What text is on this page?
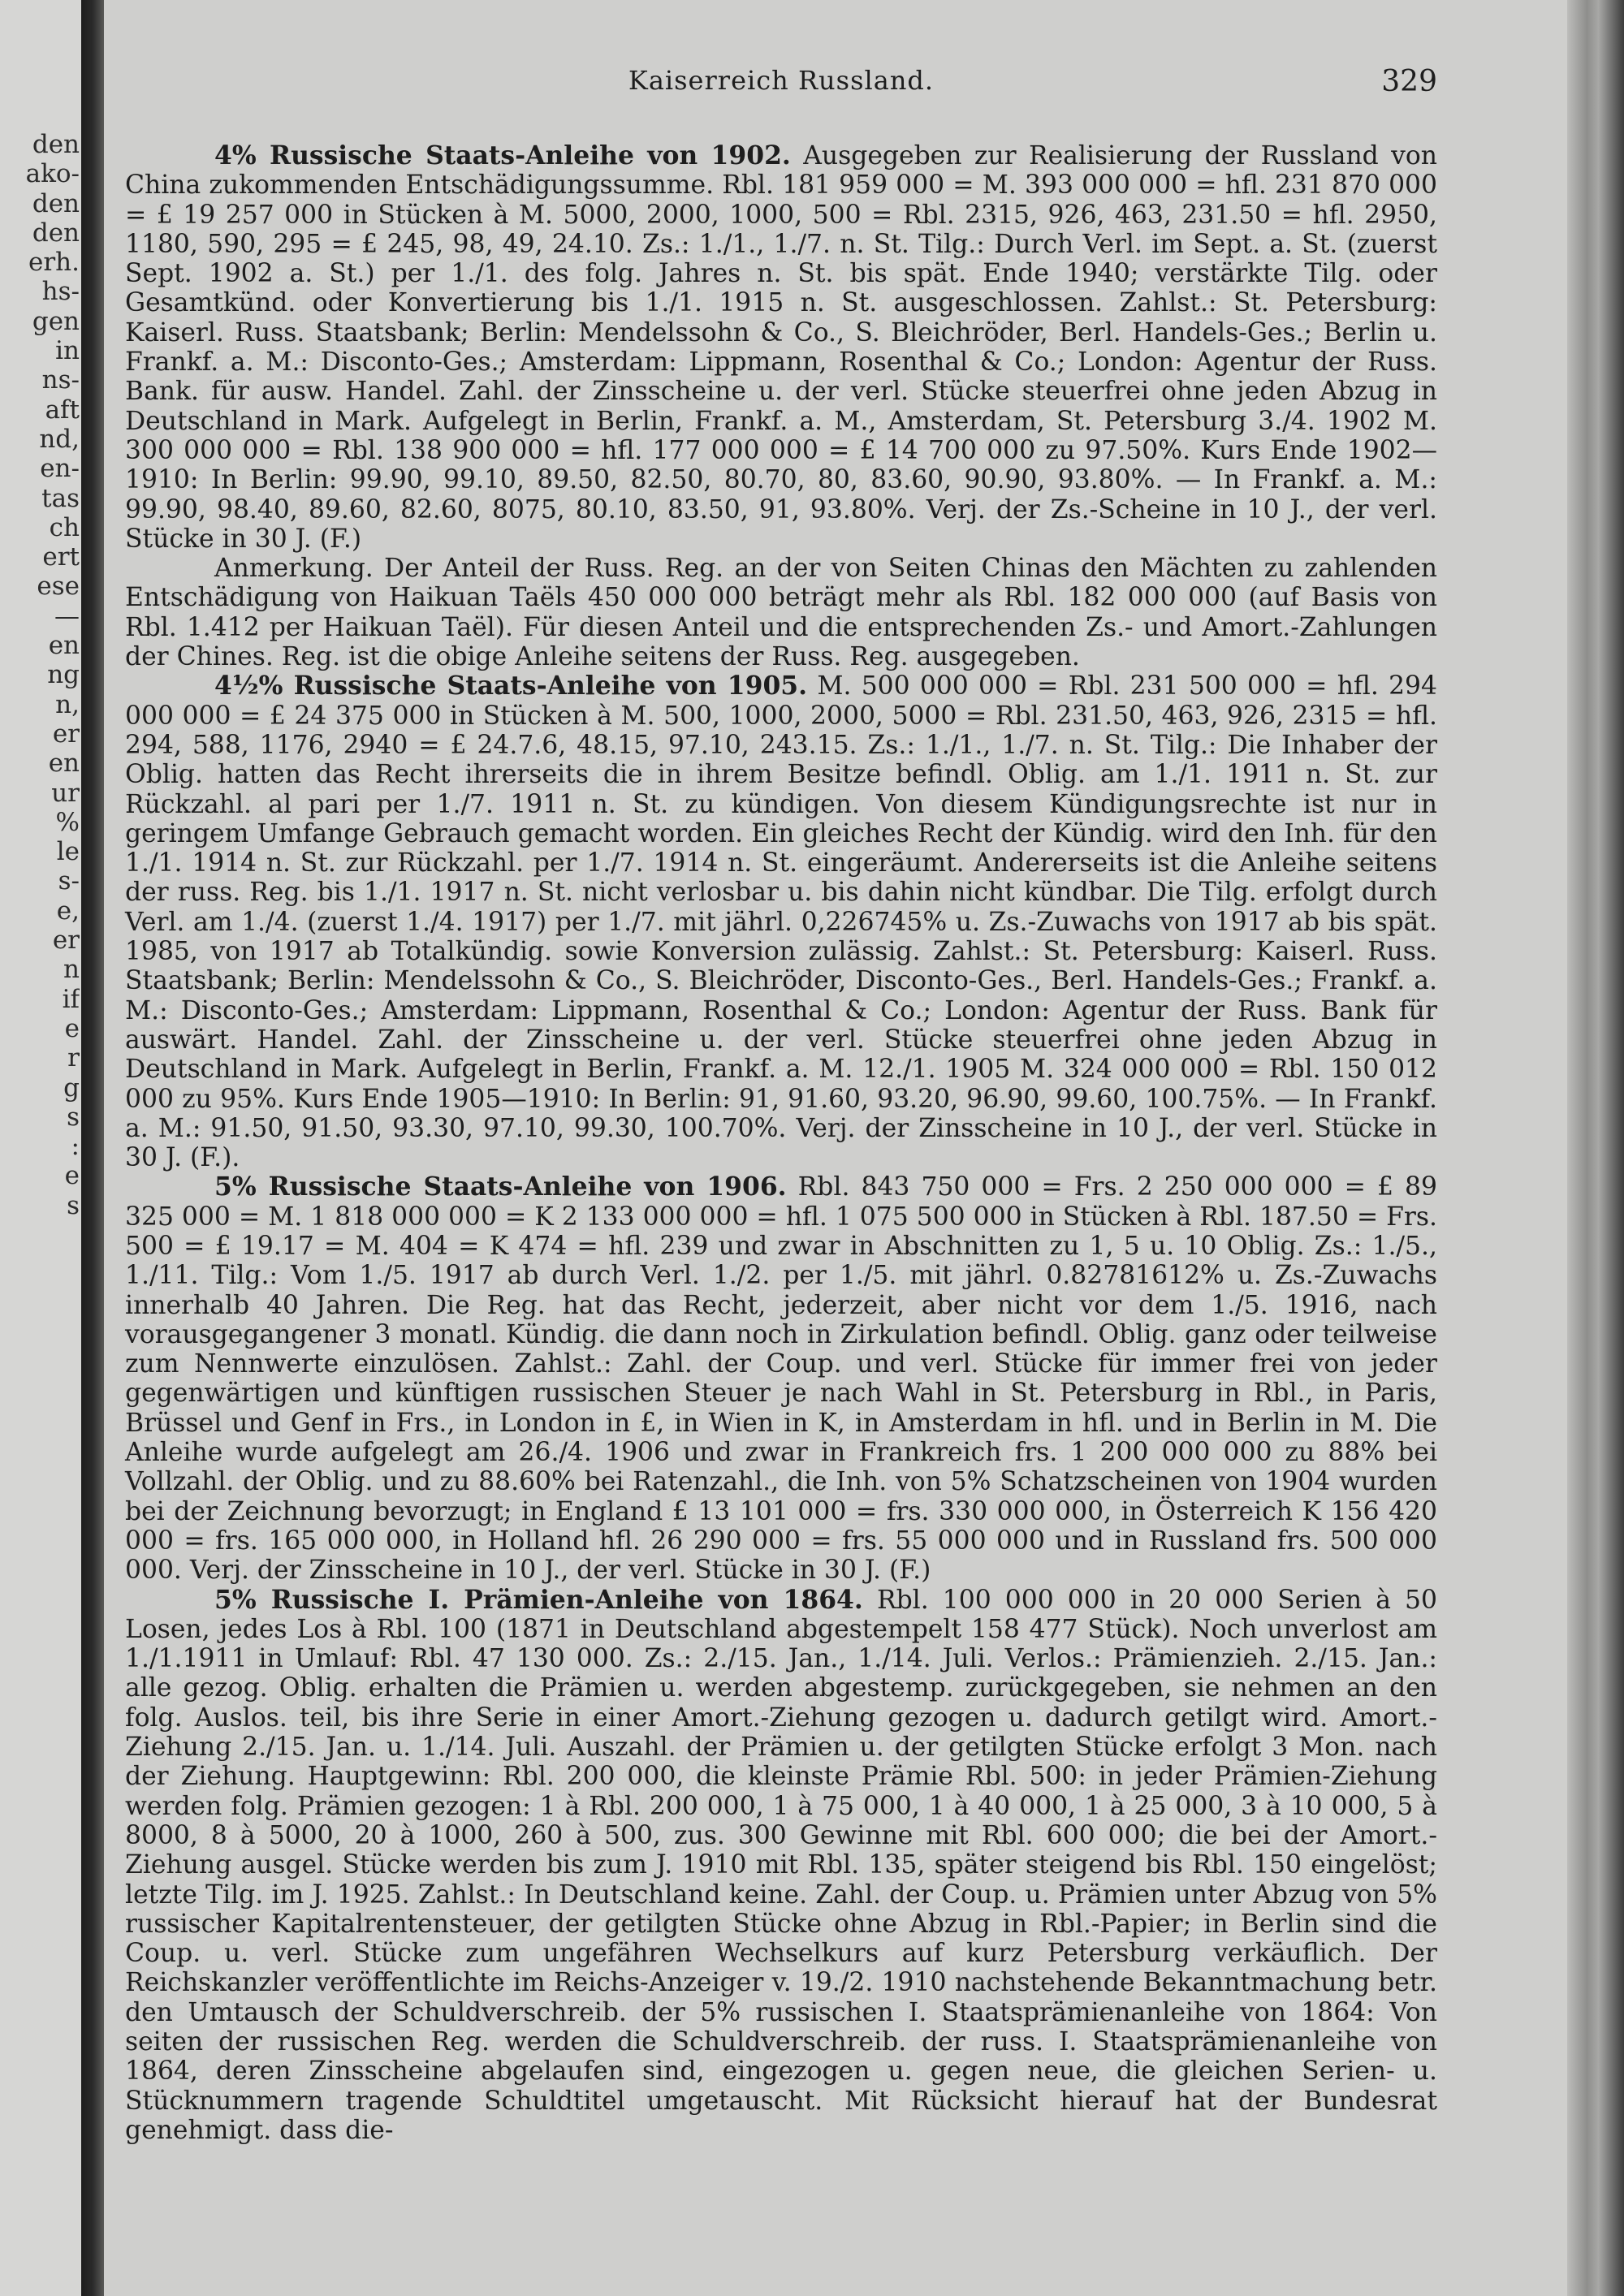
den
ako-
den
den
erh.
hs-
gen
in
ns-
aft
nd,
en-
tas
ch
ert
ese
—
en
ng
n,
er
en
ur
%
le
s-
e,
er
n
if
e
r
g
s
:
e
s
Kaiserreich Russland.	329

4% Russische Staats-Anleihe von 1902. Ausgegeben zur Realisierung der Russland von China zukommenden Entschädigungssumme. Rbl. 181 959 000 = M. 393 000 000 = hfl. 231 870 000 = £ 19 257 000 in Stücken à M. 5000, 2000, 1000, 500 = Rbl. 2315, 926, 463, 231.50 = hfl. 2950, 1180, 590, 295 = £ 245, 98, 49, 24.10. Zs.: 1./1., 1./7. n. St. Tilg.: Durch Verl. im Sept. a. St. (zuerst Sept. 1902 a. St.) per 1./1. des folg. Jahres n. St. bis spät. Ende 1940; verstärkte Tilg. oder Gesamtkünd. oder Konvertierung bis 1./1. 1915 n. St. ausgeschlossen. Zahlst.: St. Petersburg: Kaiserl. Russ. Staatsbank; Berlin: Mendelssohn & Co., S. Bleichröder, Berl. Handels-Ges.; Berlin u. Frankf. a. M.: Disconto-Ges.; Amsterdam: Lippmann, Rosenthal & Co.; London: Agentur der Russ. Bank. für ausw. Handel. Zahl. der Zinsscheine u. der verl. Stücke steuerfrei ohne jeden Abzug in Deutschland in Mark. Aufgelegt in Berlin, Frankf. a. M., Amsterdam, St. Petersburg 3./4. 1902 M. 300 000 000 = Rbl. 138 900 000 = hfl. 177 000 000 = £ 14 700 000 zu 97.50%. Kurs Ende 1902—1910: In Berlin: 99.90, 99.10, 89.50, 82.50, 80.70, 80, 83.60, 90.90, 93.80%. — In Frankf. a. M.: 99.90, 98.40, 89.60, 82.60, 8075, 80.10, 83.50, 91, 93.80%. Verj. der Zs.-Scheine in 10 J., der verl. Stücke in 30 J. (F.)

Anmerkung. Der Anteil der Russ. Reg. an der von Seiten Chinas den Mächten zu zahlenden Entschädigung von Haikuan Taëls 450 000 000 beträgt mehr als Rbl. 182 000 000 (auf Basis von Rbl. 1.412 per Haikuan Taël). Für diesen Anteil und die entsprechenden Zs.- und Amort.-Zahlungen der Chines. Reg. ist die obige Anleihe seitens der Russ. Reg. ausgegeben.

4½% Russische Staats-Anleihe von 1905. M. 500 000 000 = Rbl. 231 500 000 = hfl. 294 000 000 = £ 24 375 000 in Stücken à M. 500, 1000, 2000, 5000 = Rbl. 231.50, 463, 926, 2315 = hfl. 294, 588, 1176, 2940 = £ 24.7.6, 48.15, 97.10, 243.15. Zs.: 1./1., 1./7. n. St. Tilg.: Die Inhaber der Oblig. hatten das Recht ihrerseits die in ihrem Besitze befindl. Oblig. am 1./1. 1911 n. St. zur Rückzahl. al pari per 1./7. 1911 n. St. zu kündigen. Von diesem Kündigungsrechte ist nur in geringem Umfange Gebrauch gemacht worden. Ein gleiches Recht der Kündig. wird den Inh. für den 1./1. 1914 n. St. zur Rückzahl. per 1./7. 1914 n. St. eingeräumt. Andererseits ist die Anleihe seitens der russ. Reg. bis 1./1. 1917 n. St. nicht verlosbar u. bis dahin nicht kündbar. Die Tilg. erfolgt durch Verl. am 1./4. (zuerst 1./4. 1917) per 1./7. mit jährl. 0,226745% u. Zs.-Zuwachs von 1917 ab bis spät. 1985, von 1917 ab Totalkündig. sowie Konversion zulässig. Zahlst.: St. Petersburg: Kaiserl. Russ. Staatsbank; Berlin: Mendelssohn & Co., S. Bleichröder, Disconto-Ges., Berl. Handels-Ges.; Frankf. a. M.: Disconto-Ges.; Amsterdam: Lippmann, Rosenthal & Co.; London: Agentur der Russ. Bank für auswärt. Handel. Zahl. der Zinsscheine u. der verl. Stücke steuerfrei ohne jeden Abzug in Deutschland in Mark. Aufgelegt in Berlin, Frankf. a. M. 12./1. 1905 M. 324 000 000 = Rbl. 150 012 000 zu 95%. Kurs Ende 1905—1910: In Berlin: 91, 91.60, 93.20, 96.90, 99.60, 100.75%. — In Frankf. a. M.: 91.50, 91.50, 93.30, 97.10, 99.30, 100.70%. Verj. der Zinsscheine in 10 J., der verl. Stücke in 30 J. (F.).

5% Russische Staats-Anleihe von 1906. Rbl. 843 750 000 = Frs. 2 250 000 000 = £ 89 325 000 = M. 1 818 000 000 = K 2 133 000 000 = hfl. 1 075 500 000 in Stücken à Rbl. 187.50 = Frs. 500 = £ 19.17 = M. 404 = K 474 = hfl. 239 und zwar in Abschnitten zu 1, 5 u. 10 Oblig. Zs.: 1./5., 1./11. Tilg.: Vom 1./5. 1917 ab durch Verl. 1./2. per 1./5. mit jährl. 0.82781612% u. Zs.-Zuwachs innerhalb 40 Jahren. Die Reg. hat das Recht, jederzeit, aber nicht vor dem 1./5. 1916, nach vorausgegangener 3 monatl. Kündig. die dann noch in Zirkulation befindl. Oblig. ganz oder teilweise zum Nennwerte einzulösen. Zahlst.: Zahl. der Coup. und verl. Stücke für immer frei von jeder gegenwärtigen und künftigen russischen Steuer je nach Wahl in St. Petersburg in Rbl., in Paris, Brüssel und Genf in Frs., in London in £, in Wien in K, in Amsterdam in hfl. und in Berlin in M. Die Anleihe wurde aufgelegt am 26./4. 1906 und zwar in Frankreich frs. 1 200 000 000 zu 88% bei Vollzahl. der Oblig. und zu 88.60% bei Ratenzahl., die Inh. von 5% Schatzscheinen von 1904 wurden bei der Zeichnung bevorzugt; in England £ 13 101 000 = frs. 330 000 000, in Österreich K 156 420 000 = frs. 165 000 000, in Holland hfl. 26 290 000 = frs. 55 000 000 und in Russland frs. 500 000 000. Verj. der Zinsscheine in 10 J., der verl. Stücke in 30 J. (F.)

5% Russische I. Prämien-Anleihe von 1864. Rbl. 100 000 000 in 20 000 Serien à 50 Losen, jedes Los à Rbl. 100 (1871 in Deutschland abgestempelt 158 477 Stück). Noch unverlost am 1./1.1911 in Umlauf: Rbl. 47 130 000. Zs.: 2./15. Jan., 1./14. Juli. Verlos.: Prämienzieh. 2./15. Jan.: alle gezog. Oblig. erhalten die Prämien u. werden abgestemp. zurückgegeben, sie nehmen an den folg. Auslos. teil, bis ihre Serie in einer Amort.-Ziehung gezogen u. dadurch getilgt wird. Amort.-Ziehung 2./15. Jan. u. 1./14. Juli. Auszahl. der Prämien u. der getilgten Stücke erfolgt 3 Mon. nach der Ziehung. Hauptgewinn: Rbl. 200 000, die kleinste Prämie Rbl. 500: in jeder Prämien-Ziehung werden folg. Prämien gezogen: 1 à Rbl. 200 000, 1 à 75 000, 1 à 40 000, 1 à 25 000, 3 à 10 000, 5 à 8000, 8 à 5000, 20 à 1000, 260 à 500, zus. 300 Gewinne mit Rbl. 600 000; die bei der Amort.-Ziehung ausgel. Stücke werden bis zum J. 1910 mit Rbl. 135, später steigend bis Rbl. 150 eingelöst; letzte Tilg. im J. 1925. Zahlst.: In Deutschland keine. Zahl. der Coup. u. Prämien unter Abzug von 5% russischer Kapitalrentensteuer, der getilgten Stücke ohne Abzug in Rbl.-Papier; in Berlin sind die Coup. u. verl. Stücke zum ungefähren Wechselkurs auf kurz Petersburg verkäuflich. Der Reichskanzler veröffentlichte im Reichs-Anzeiger v. 19./2. 1910 nachstehende Bekanntmachung betr. den Umtausch der Schuldverschreib. der 5% russischen I. Staatsprämienanleihe von 1864: Von seiten der russischen Reg. werden die Schuldverschreib. der russ. I. Staatsprämienanleihe von 1864, deren Zinsscheine abgelaufen sind, eingezogen u. gegen neue, die gleichen Serien- u. Stücknummern tragende Schuldtitel umgetauscht. Mit Rücksicht hierauf hat der Bundesrat genehmigt. dass die-
